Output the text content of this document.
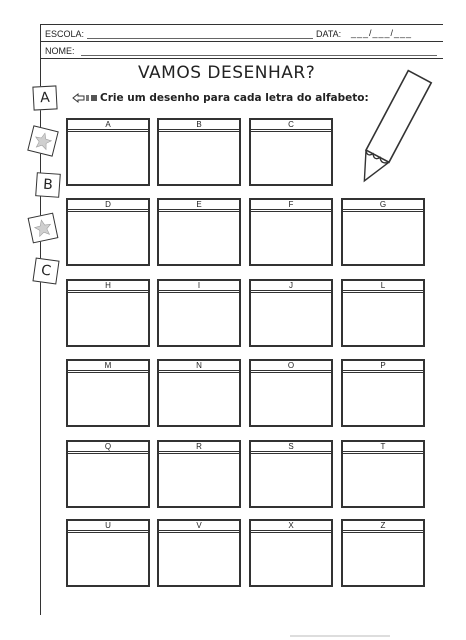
ESCOLA:	DATA: ___/___/___
NOME:
VAMOS DESENHAR?
Crie um desenho para cada letra do alfabeto:
A
B
C
A	B	C
D	E	F	G
H	I	J	L
M	N	O	P
Q	R	S	T
U	V	X	Z
